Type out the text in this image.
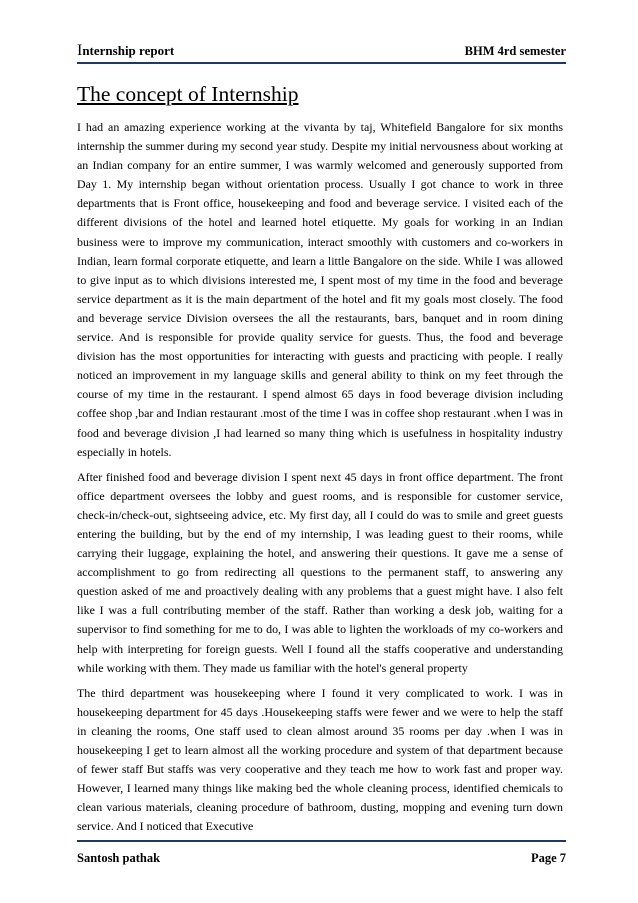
Internship report	BHM 4rd semester
The concept of Internship

I had an amazing experience working at the vivanta by taj, Whitefield Bangalore for six months internship the summer during my second year study. Despite my initial nervousness about working at an Indian company for an entire summer, I was warmly welcomed and generously supported from Day 1. My internship began without orientation process. Usually I got chance to work in three departments that is Front office, housekeeping and food and beverage service. I visited each of the different divisions of the hotel and learned hotel etiquette. My goals for working in an Indian business were to improve my communication, interact smoothly with customers and co-workers in Indian, learn formal corporate etiquette, and learn a little Bangalore on the side. While I was allowed to give input as to which divisions interested me, I spent most of my time in the food and beverage service department as it is the main department of the hotel and fit my goals most closely. The food and beverage service Division oversees the all the restaurants, bars, banquet and in room dining service. And is responsible for provide quality service for guests. Thus, the food and beverage division has the most opportunities for interacting with guests and practicing with people. I really noticed an improvement in my language skills and general ability to think on my feet through the course of my time in the restaurant. I spend almost 65 days in food beverage division including coffee shop ,bar and Indian restaurant .most of the time I was in coffee shop restaurant .when I was in food and beverage division ,I had learned so many thing which is usefulness in hospitality industry especially in hotels.

After finished food and beverage division I spent next 45 days in front office department. The front office department oversees the lobby and guest rooms, and is responsible for customer service, check-in/check-out, sightseeing advice, etc. My first day, all I could do was to smile and greet guests entering the building, but by the end of my internship, I was leading guest to their rooms, while carrying their luggage, explaining the hotel, and answering their questions. It gave me a sense of accomplishment to go from redirecting all questions to the permanent staff, to answering any question asked of me and proactively dealing with any problems that a guest might have. I also felt like I was a full contributing member of the staff. Rather than working a desk job, waiting for a supervisor to find something for me to do, I was able to lighten the workloads of my co-workers and help with interpreting for foreign guests. Well I found all the staffs cooperative and understanding while working with them. They made us familiar with the hotel's general property

The third department was housekeeping where I found it very complicated to work. I was in housekeeping department for 45 days .Housekeeping staffs were fewer and we were to help the staff in cleaning the rooms, One staff used to clean almost around 35 rooms per day .when I was in housekeeping I get to learn almost all the working procedure and system of that department because of fewer staff But staffs was very cooperative and they teach me how to work fast and proper way. However, I learned many things like making bed the whole cleaning process, identified chemicals to clean various materials, cleaning procedure of bathroom, dusting, mopping and evening turn down service. And I noticed that Executive

Santosh pathak	Page 7
